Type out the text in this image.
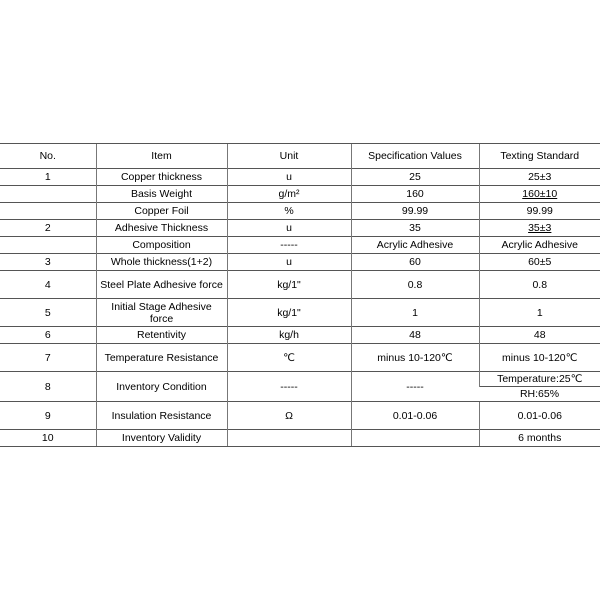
No.	Item	Unit	Specification Values	Texting Standard
1	Copper thickness	u	25	25±3
	Basis Weight	g/m²	160	160±10
	Copper Foil	%	99.99	99.99
2	Adhesive Thickness	u	35	35±3
	Composition	-----	Acrylic Adhesive	Acrylic Adhesive
3	Whole thickness(1+2)	u	60	60±5
4	Steel Plate Adhesive force	kg/1"	0.8	0.8
5	Initial Stage Adhesive force	kg/1"	1	1
6	Retentivity	kg/h	48	48
7	Temperature Resistance	℃	minus 10-120℃	minus 10-120℃
8	Inventory Condition	-----	-----	Temperature:25℃
				RH:65%
9	Insulation Resistance	Ω	0.01-0.06	0.01-0.06
10	Inventory Validity			6 months
